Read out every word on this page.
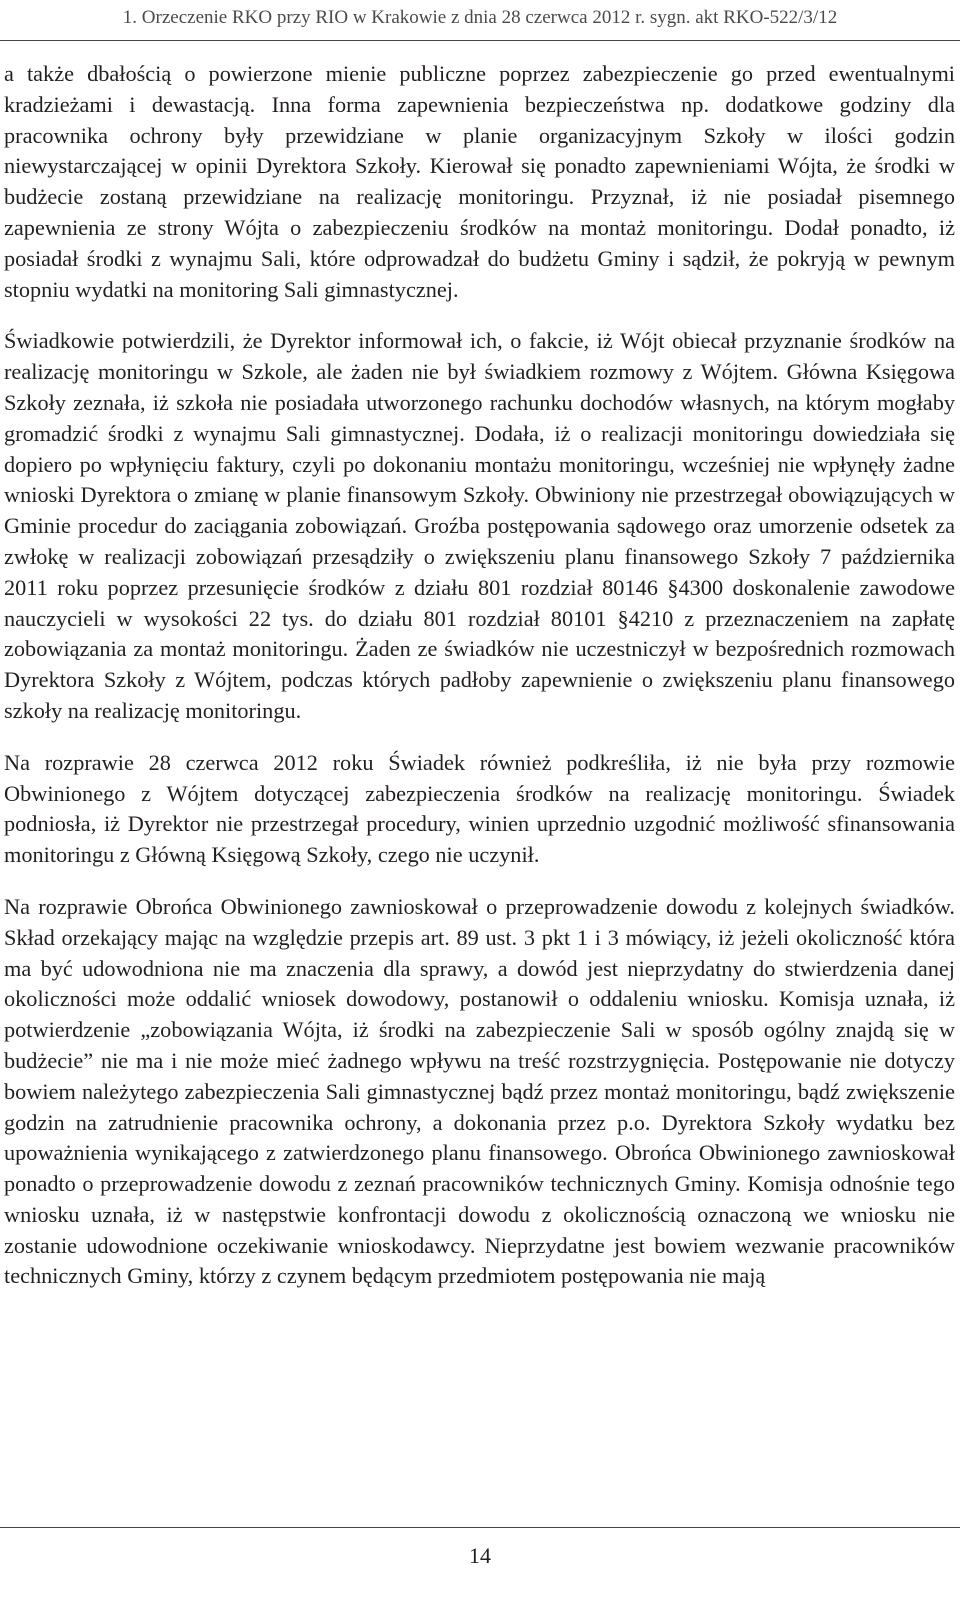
1. Orzeczenie RKO przy RIO w Krakowie z dnia 28 czerwca 2012 r. sygn. akt RKO-522/3/12

a także dbałością o powierzone mienie publiczne poprzez zabezpieczenie go przed ewentualnymi kradzieżami i dewastacją. Inna forma zapewnienia bezpieczeństwa np. dodatkowe godziny dla pracownika ochrony były przewidziane w planie organizacyjnym Szkoły w ilości godzin niewystarczającej w opinii Dyrektora Szkoły. Kierował się ponadto zapewnieniami Wójta, że środki w budżecie zostaną przewidziane na realizację monitoringu. Przyznał, iż nie posiadał pisemnego zapewnienia ze strony Wójta o zabezpieczeniu środków na montaż monitoringu. Dodał ponadto, iż posiadał środki z wynajmu Sali, które odprowadzał do budżetu Gminy i sądził, że pokryją w pewnym stopniu wydatki na monitoring Sali gimnastycznej.

Świadkowie potwierdzili, że Dyrektor informował ich, o fakcie, iż Wójt obiecał przyznanie środków na realizację monitoringu w Szkole, ale żaden nie był świadkiem rozmowy z Wójtem. Główna Księgowa Szkoły zeznała, iż szkoła nie posiadała utworzonego rachunku dochodów własnych, na którym mogłaby gromadzić środki z wynajmu Sali gimnastycznej. Dodała, iż o realizacji monitoringu dowiedziała się dopiero po wpłynięciu faktury, czyli po dokonaniu montażu monitoringu, wcześniej nie wpłynęły żadne wnioski Dyrektora o zmianę w planie finansowym Szkoły. Obwiniony nie przestrzegał obowiązujących w Gminie procedur do zaciągania zobowiązań. Groźba postępowania sądowego oraz umorzenie odsetek za zwłokę w realizacji zobowiązań przesądziły o zwiększeniu planu finansowego Szkoły 7 października 2011 roku poprzez przesunięcie środków z działu 801 rozdział 80146 §4300 doskonalenie zawodowe nauczycieli w wysokości 22 tys. do działu 801 rozdział 80101 §4210 z przeznaczeniem na zapłatę zobowiązania za montaż monitoringu. Żaden ze świadków nie uczestniczył w bezpośrednich rozmowach Dyrektora Szkoły z Wójtem, podczas których padłoby zapewnienie o zwiększeniu planu finansowego szkoły na realizację monitoringu.

Na rozprawie 28 czerwca 2012 roku Świadek również podkreśliła, iż nie była przy rozmowie Obwinionego z Wójtem dotyczącej zabezpieczenia środków na realizację monitoringu. Świadek podniosła, iż Dyrektor nie przestrzegał procedury, winien uprzednio uzgodnić możliwość sfinansowania monitoringu z Główną Księgową Szkoły, czego nie uczynił.

Na rozprawie Obrońca Obwinionego zawnioskował o przeprowadzenie dowodu z kolejnych świadków. Skład orzekający mając na względzie przepis art. 89 ust. 3 pkt 1 i 3 mówiący, iż jeżeli okoliczność która ma być udowodniona nie ma znaczenia dla sprawy, a dowód jest nieprzydatny do stwierdzenia danej okoliczności może oddalić wniosek dowodowy, postanowił o oddaleniu wniosku. Komisja uznała, iż potwierdzenie „zobowiązania Wójta, iż środki na zabezpieczenie Sali w sposób ogólny znajdą się w budżecie” nie ma i nie może mieć żadnego wpływu na treść rozstrzygnięcia. Postępowanie nie dotyczy bowiem należytego zabezpieczenia Sali gimnastycznej bądź przez montaż monitoringu, bądź zwiększenie godzin na zatrudnienie pracownika ochrony, a dokonania przez p.o. Dyrektora Szkoły wydatku bez upoważnienia wynikającego z zatwierdzonego planu finansowego. Obrońca Obwinionego zawnioskował ponadto o przeprowadzenie dowodu z zeznań pracowników technicznych Gminy. Komisja odnośnie tego wniosku uznała, iż w następstwie konfrontacji dowodu z okolicznością oznaczoną we wniosku nie zostanie udowodnione oczekiwanie wnioskodawcy. Nieprzydatne jest bowiem wezwanie pracowników technicznych Gminy, którzy z czynem będącym przedmiotem postępowania nie mają

14
